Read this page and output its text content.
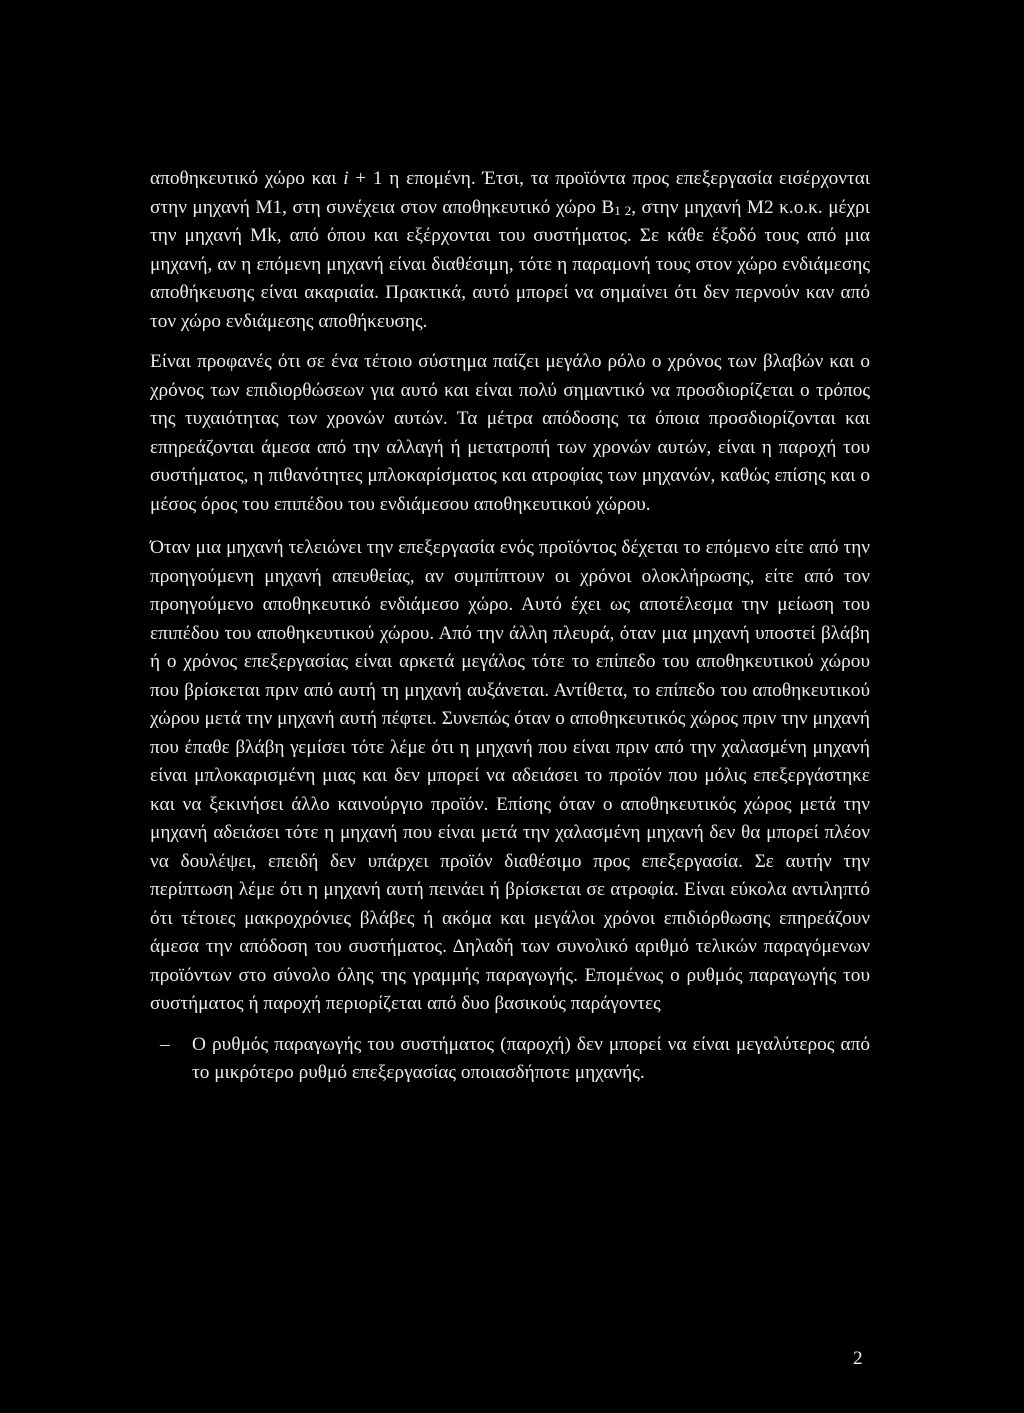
αποθηκευτικό χώρο και i + 1 η επομένη. Έτσι, τα προϊόντα προς επεξεργασία εισέρχονται στην μηχανή Μ1, στη συνέχεια στον αποθηκευτικό χώρο $B_{1 2}$, στην μηχανή Μ2 κ.ο.κ. μέχρι την μηχανή Mk, από όπου και εξέρχονται του συστήματος. Σε κάθε έξοδό τους από μια μηχανή, αν η επόμενη μηχανή είναι διαθέσιμη, τότε η παραμονή τους στον χώρο ενδιάμεσης αποθήκευσης είναι ακαριαία. Πρακτικά, αυτό μπορεί να σημαίνει ότι δεν περνούν καν από τον χώρο ενδιάμεσης αποθήκευσης.

Είναι προφανές ότι σε ένα τέτοιο σύστημα παίζει μεγάλο ρόλο ο χρόνος των βλαβών και ο χρόνος των επιδιορθώσεων για αυτό και είναι πολύ σημαντικό να προσδιορίζεται ο τρόπος της τυχαιότητας των χρονών αυτών. Τα μέτρα απόδοσης τα όποια προσδιορίζονται και επηρεάζονται άμεσα από την αλλαγή ή μετατροπή των χρονών αυτών, είναι η παροχή του συστήματος, η πιθανότητες μπλοκαρίσματος και ατροφίας των μηχανών, καθώς επίσης και ο μέσος όρος του επιπέδου του ενδιάμεσου αποθηκευτικού χώρου.

Όταν μια μηχανή τελειώνει την επεξεργασία ενός προϊόντος δέχεται το επόμενο είτε από την προηγούμενη μηχανή απευθείας, αν συμπίπτουν οι χρόνοι ολοκλήρωσης, είτε από τον προηγούμενο αποθηκευτικό ενδιάμεσο χώρο. Αυτό έχει ως αποτέλεσμα την μείωση του επιπέδου του αποθηκευτικού χώρου. Από την άλλη πλευρά, όταν μια μηχανή υποστεί βλάβη ή ο χρόνος επεξεργασίας είναι αρκετά μεγάλος τότε το επίπεδο του αποθηκευτικού χώρου που βρίσκεται πριν από αυτή τη μηχανή αυξάνεται. Αντίθετα, το επίπεδο του αποθηκευτικού χώρου μετά την μηχανή αυτή πέφτει. Συνεπώς όταν ο αποθηκευτικός χώρος πριν την μηχανή που έπαθε βλάβη γεμίσει τότε λέμε ότι η μηχανή που είναι πριν από την χαλασμένη μηχανή είναι μπλοκαρισμένη μιας και δεν μπορεί να αδειάσει το προϊόν που μόλις επεξεργάστηκε και να ξεκινήσει άλλο καινούργιο προϊόν. Επίσης όταν ο αποθηκευτικός χώρος μετά την μηχανή αδειάσει τότε η μηχανή που είναι μετά την χαλασμένη μηχανή δεν θα μπορεί πλέον να δουλέψει, επειδή δεν υπάρχει προϊόν διαθέσιμο προς επεξεργασία. Σε αυτήν την περίπτωση λέμε ότι η μηχανή αυτή πεινάει ή βρίσκεται σε ατροφία. Είναι εύκολα αντιληπτό ότι τέτοιες μακροχρόνιες βλάβες ή ακόμα και μεγάλοι χρόνοι επιδιόρθωσης επηρεάζουν άμεσα την απόδοση του συστήματος. Δηλαδή των συνολικό αριθμό τελικών παραγόμενων προϊόντων στο σύνολο όλης της γραμμής παραγωγής. Επομένως ο ρυθμός παραγωγής του συστήματος ή παροχή περιορίζεται από δυο βασικούς παράγοντες

–	Ο ρυθμός παραγωγής του συστήματος (παροχή) δεν μπορεί να είναι μεγαλύτερος από το μικρότερο ρυθμό επεξεργασίας οποιασδήποτε μηχανής.
2
